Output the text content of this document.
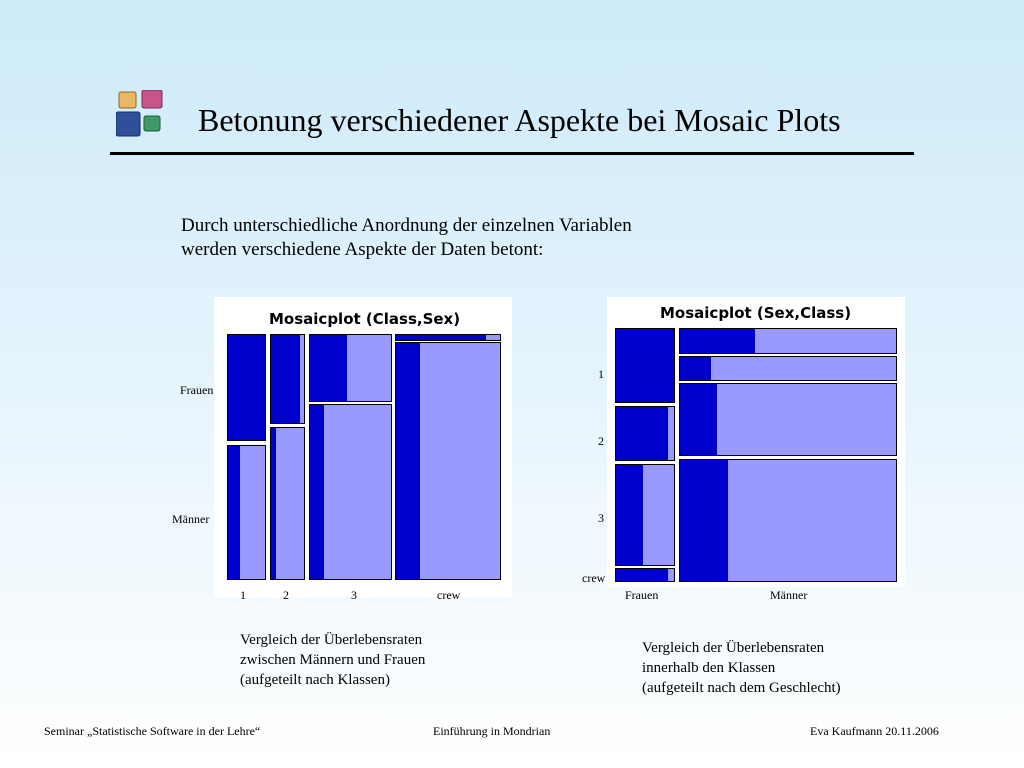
Betonung verschiedener Aspekte bei Mosaic Plots
Durch unterschiedliche Anordnung der einzelnen Variablen
werden verschiedene Aspekte der Daten betont:
Mosaicplot (Class,Sex)
Frauen
Männer
1	2	3	crew
Vergleich der Überlebensraten
zwischen Männern und Frauen
(aufgeteilt nach Klassen)
Mosaicplot (Sex,Class)
1
2
3
crew
Frauen	Männer
Vergleich der Überlebensraten
innerhalb den Klassen
(aufgeteilt nach dem Geschlecht)
Seminar „Statistische Software in der Lehre“	Einführung in Mondrian	Eva Kaufmann 20.11.2006
